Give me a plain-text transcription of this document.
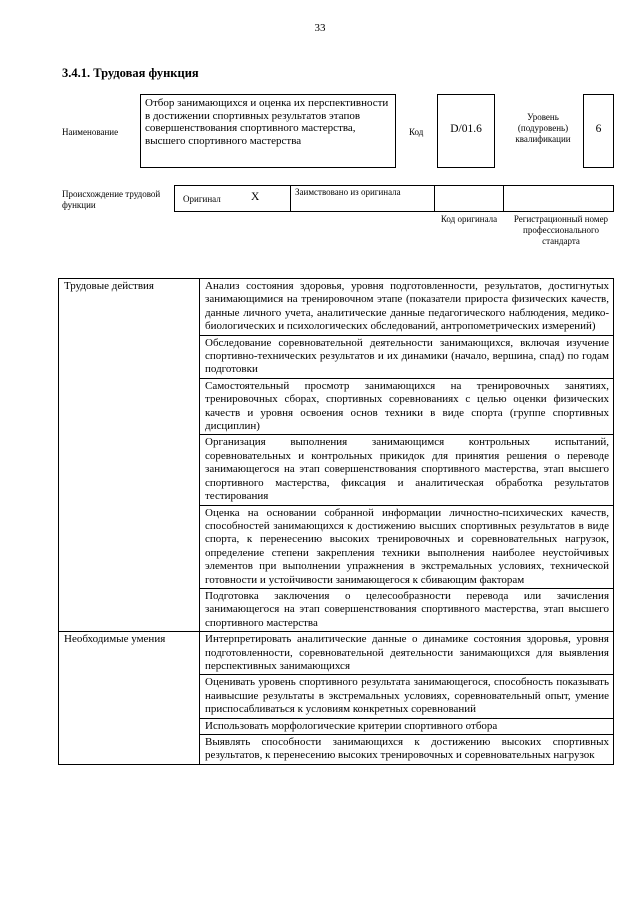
33
3.4.1. Трудовая функция
Наименование
Отбор занимающихся и оценка их перспективности в достижении спортивных результатов этапов совершенствования спортивного мастерства, высшего спортивного мастерства
Код	D/01.6
Уровень (подуровень) квалификации
6
Происхождение трудовой функции
Оригинал	X	Заимствовано из оригинала
Код оригинала	Регистрационный номер профессионального стандарта
Трудовые действия	Анализ состояния здоровья, уровня подготовленности, результатов, достигнутых занимающимися на тренировочном этапе (показатели прироста физических качеств, данные личного учета, аналитические данные педагогического наблюдения, медико-биологических и психологических обследований, антропометрических измерений)
	Обследование соревновательной деятельности занимающихся, включая изучение спортивно-технических результатов и их динамики (начало, вершина, спад) по годам подготовки
	Самостоятельный просмотр занимающихся на тренировочных занятиях, тренировочных сборах, спортивных соревнованиях с целью оценки физических качеств и уровня освоения основ техники в виде спорта (группе спортивных дисциплин)
	Организация выполнения занимающимся контрольных испытаний, соревновательных и контрольных прикидок для принятия решения о переводе занимающегося на этап совершенствования спортивного мастерства, этап высшего спортивного мастерства, фиксация и аналитическая обработка результатов тестирования
	Оценка на основании собранной информации личностно-психических качеств, способностей занимающихся к достижению высших спортивных результатов в виде спорта, к перенесению высоких тренировочных и соревновательных нагрузок, определение степени закрепления техники выполнения наиболее неустойчивых элементов при выполнении упражнения в экстремальных условиях, технической готовности и устойчивости занимающегося к сбивающим факторам
	Подготовка заключения о целесообразности перевода или зачисления занимающегося на этап совершенствования спортивного мастерства, этап высшего спортивного мастерства
Необходимые умения	Интерпретировать аналитические данные о динамике состояния здоровья, уровня подготовленности, соревновательной деятельности занимающихся для выявления перспективных занимающихся
	Оценивать уровень спортивного результата занимающегося, способность показывать наивысшие результаты в экстремальных условиях, соревновательный опыт, умение приспосабливаться к условиям конкретных соревнований
	Использовать морфологические критерии спортивного отбора
	Выявлять способности занимающихся к достижению высоких спортивных результатов, к перенесению высоких тренировочных и соревновательных нагрузок
